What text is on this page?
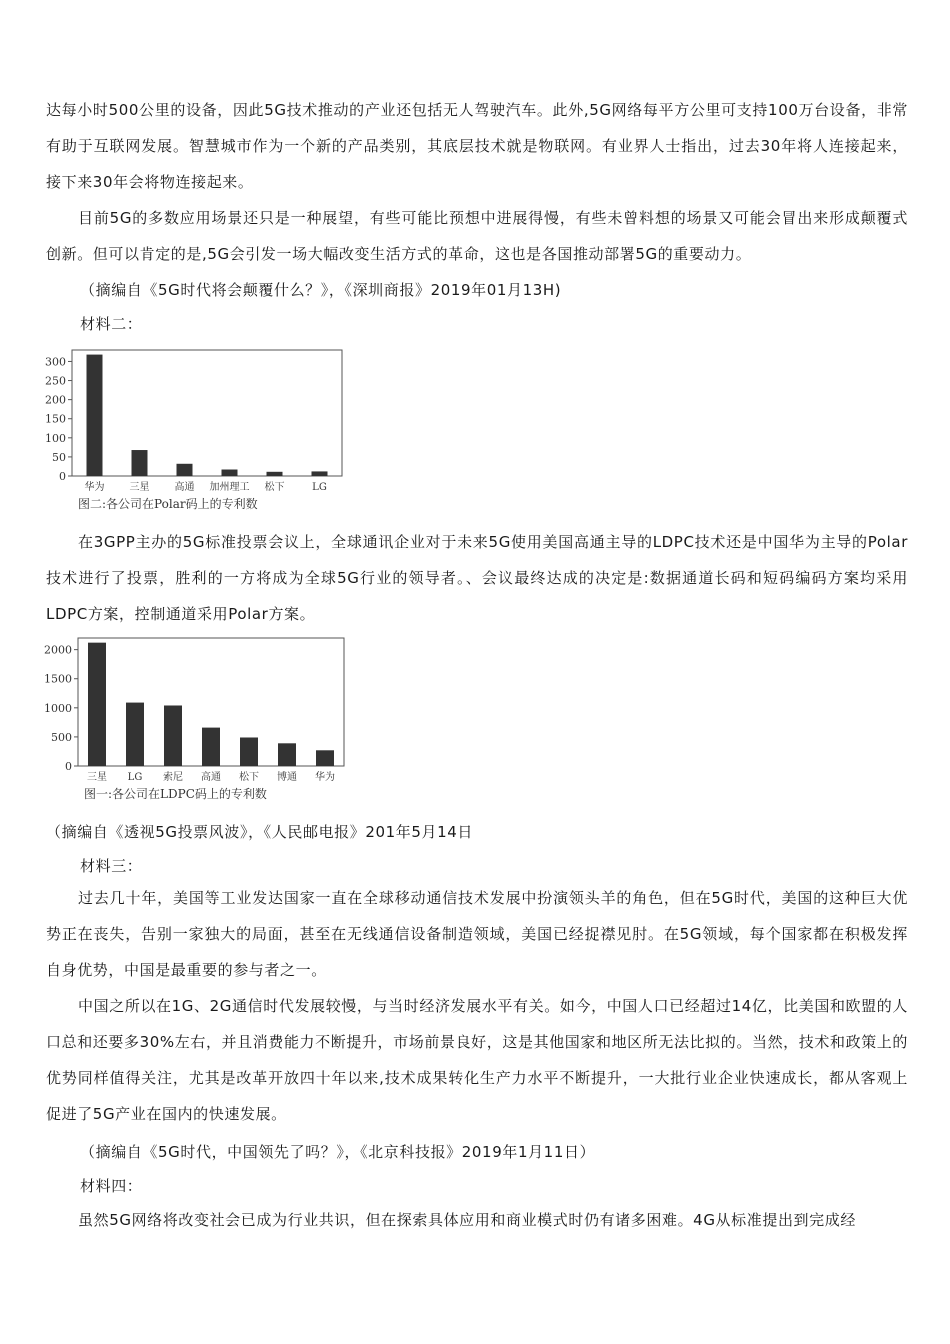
达每小时500公里的设备，因此5G技术推动的产业还包括无人驾驶汽车。此外,5G网络每平方公里可支持100万台设备，非常有助于互联网发展。智慧城市作为一个新的产品类别，其底层技术就是物联网。有业界人士指出，过去30年将人连接起来，接下来30年会将物连接起来。

目前5G的多数应用场景还只是一种展望，有些可能比预想中进展得慢，有些未曾料想的场景又可能会冒出来形成颠覆式创新。但可以肯定的是,5G会引发一场大幅改变生活方式的革命，这也是各国推动部署5G的重要动力。

（摘编自《5G时代将会颠覆什么？》，《深圳商报》2019年01月13H)

材料二：

0
50
100
150
200
250
300
华为	三星	高通 加州理工 松下	LG
图二:各公司在Polar码上的专利数

在3GPP主办的5G标准投票会议上，全球通讯企业对于未来5G使用美国高通主导的LDPC技术还是中国华为主导的Polar技术进行了投票，胜利的一方将成为全球5G行业的领导者。、会议最终达成的决定是:数据通道长码和短码编码方案均采用LDPC方案，控制通道采用Polar方案。

0
500
1000
1500
2000
三星 LG 索尼 高通 松下 博通 华为
图一:各公司在LDPC码上的专利数

（摘编自《透视5G投票风波》，《人民邮电报》201年5月14日

材料三：

过去几十年，美国等工业发达国家一直在全球移动通信技术发展中扮演领头羊的角色，但在5G时代，美国的这种巨大优势正在丧失，告别一家独大的局面，甚至在无线通信设备制造领域，美国已经捉襟见肘。在5G领域，每个国家都在积极发挥自身优势，中国是最重要的参与者之一。

中国之所以在1G、2G通信时代发展较慢，与当时经济发展水平有关。如今，中国人口已经超过14亿，比美国和欧盟的人口总和还要多30%左右，并且消费能力不断提升，市场前景良好，这是其他国家和地区所无法比拟的。当然，技术和政策上的优势同样值得关注，尤其是改革开放四十年以来,技术成果转化生产力水平不断提升，一大批行业企业快速成长，都从客观上促进了5G产业在国内的快速发展。

（摘编自《5G时代，中国领先了吗？》，《北京科技报》2019年1月11日）

材料四：

虽然5G网络将改变社会已成为行业共识，但在探索具体应用和商业模式时仍有诸多困难。4G从标准提出到完成经
